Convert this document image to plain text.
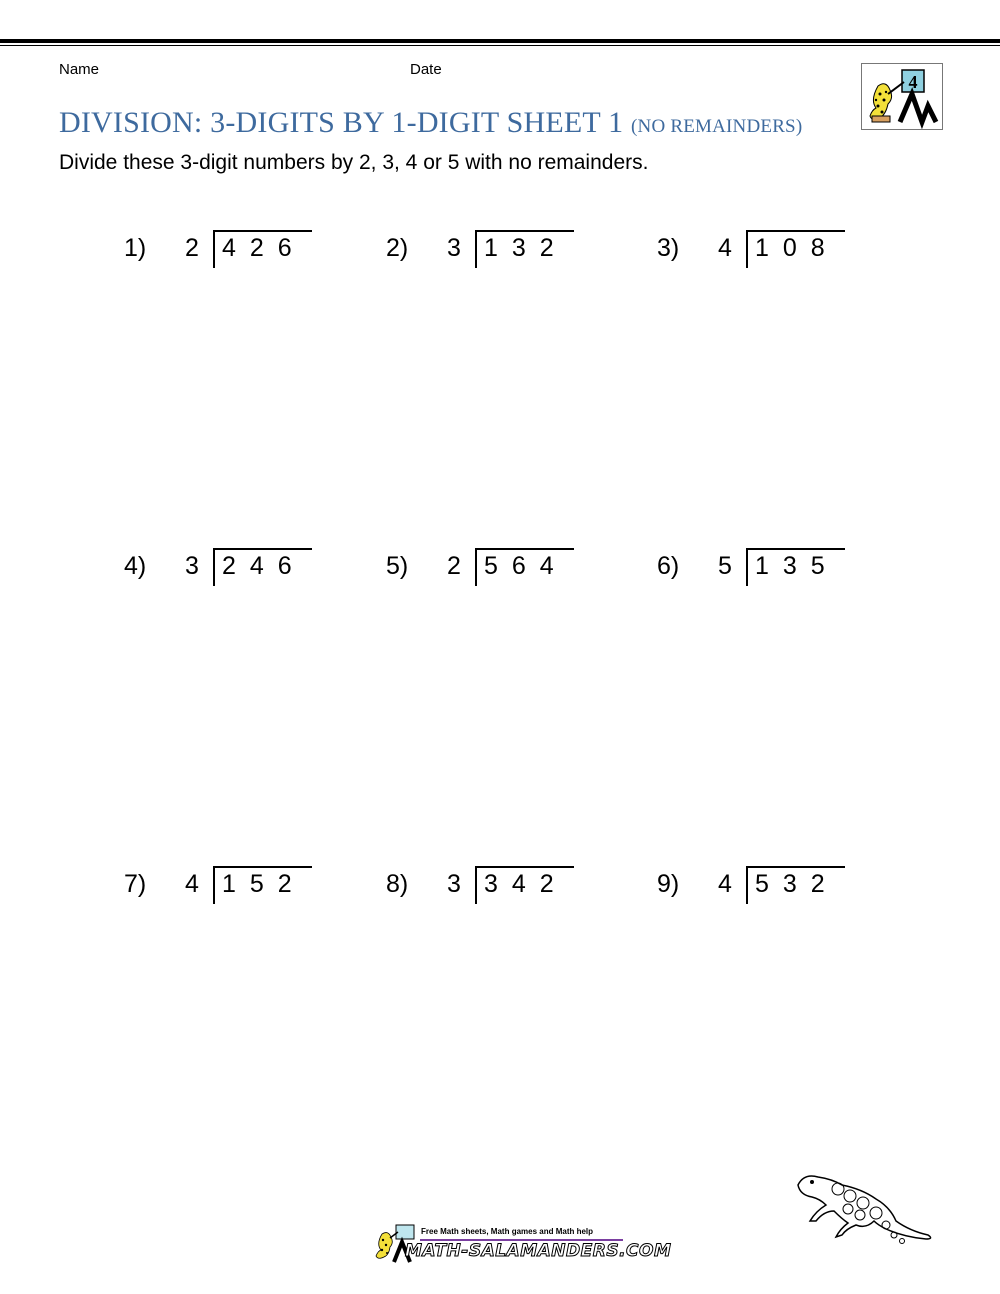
Name	Date
DIVISION: 3-DIGITS BY 1-DIGIT SHEET 1 (NO REMAINDERS)
Divide these 3-digit numbers by 2, 3, 4 or 5 with no remainders.
4
1) 2 426	2) 3 132	3) 4 108
4) 3 246	5) 2 564	6) 5 135
7) 4 152	8) 3 342	9) 4 532
Free Math sheets, Math games and Math help
MATH-SALAMANDERS.COM
